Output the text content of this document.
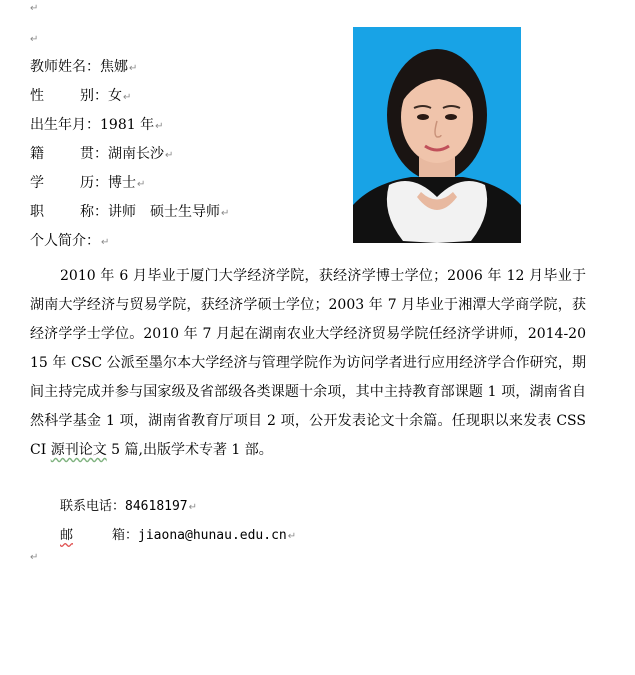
↵
↵
教师姓名：焦娜↵
性	别：女↵
出生年月：1981 年↵
籍	贯：湖南长沙↵
学	历：博士↵
职	称：讲师　硕士生导师↵
个人简介：↵

2010 年 6 月毕业于厦门大学经济学院，获经济学博士学位；2006 年 12 月毕业于湖南大学经济与贸易学院，获经济学硕士学位；2003 年 7 月毕业于湘潭大学商学院，获经济学学士学位。2010 年 7 月起在湖南农业大学经济贸易学院任经济学讲师，2014-2015 年 CSC 公派至墨尔本大学经济与管理学院作为访问学者进行应用经济学合作研究，期间主持完成并参与国家级及省部级各类课题十余项，其中主持教育部课题 1 项，湖南省自然科学基金 1 项，湖南省教育厅项目 2 项，公开发表论文十余篇。任现职以来发表 CSSCI 源刊论文 5 篇,出版学术专著 1 部。

联系电话：84618197↵
邮	箱：jiaona@hunau.edu.cn↵
↵
